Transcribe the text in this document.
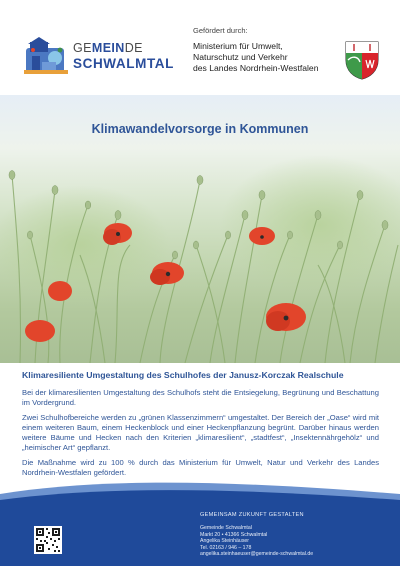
GEMEINDE
SCHWALMTAL
Gefördert durch:
Ministerium für Umwelt,
Naturschutz und Verkehr
des Landes Nordrhein-Westfalen
Klimawandelvorsorge in Kommunen
Klimaresiliente Umgestaltung des Schulhofes der Janusz-Korczak Realschule

Bei der klimaresilienten Umgestaltung des Schulhofs steht die Entsiegelung, Begrünung und Beschattung im Vordergrund.

Zwei Schulhofbereiche werden zu „grünen Klassenzimmern“ umgestaltet. Der Bereich der „Oase“ wird mit einem weiteren Baum, einem Heckenblock und einer Heckenpflanzung begrünt. Darüber hinaus werden weitere Bäume und Hecken nach den Kriterien „klimaresilient“, „stadtfest“, „Insektennährgehölz“ und „heimischer Art“ gepflanzt.

Die Maßnahme wird zu 100 % durch das Ministerium für Umwelt, Natur und Verkehr des Landes Nordrhein-Westfalen gefördert.

GEMEINSAM ZUKUNFT GESTALTEN
Gemeinde Schwalmtal
Markt 20 • 41366 Schwalmtal
Angelika Steinhäuser
Tel. 02163 / 946 – 178
angelika.steinhaeuser@gemeinde-schwalmtal.de
